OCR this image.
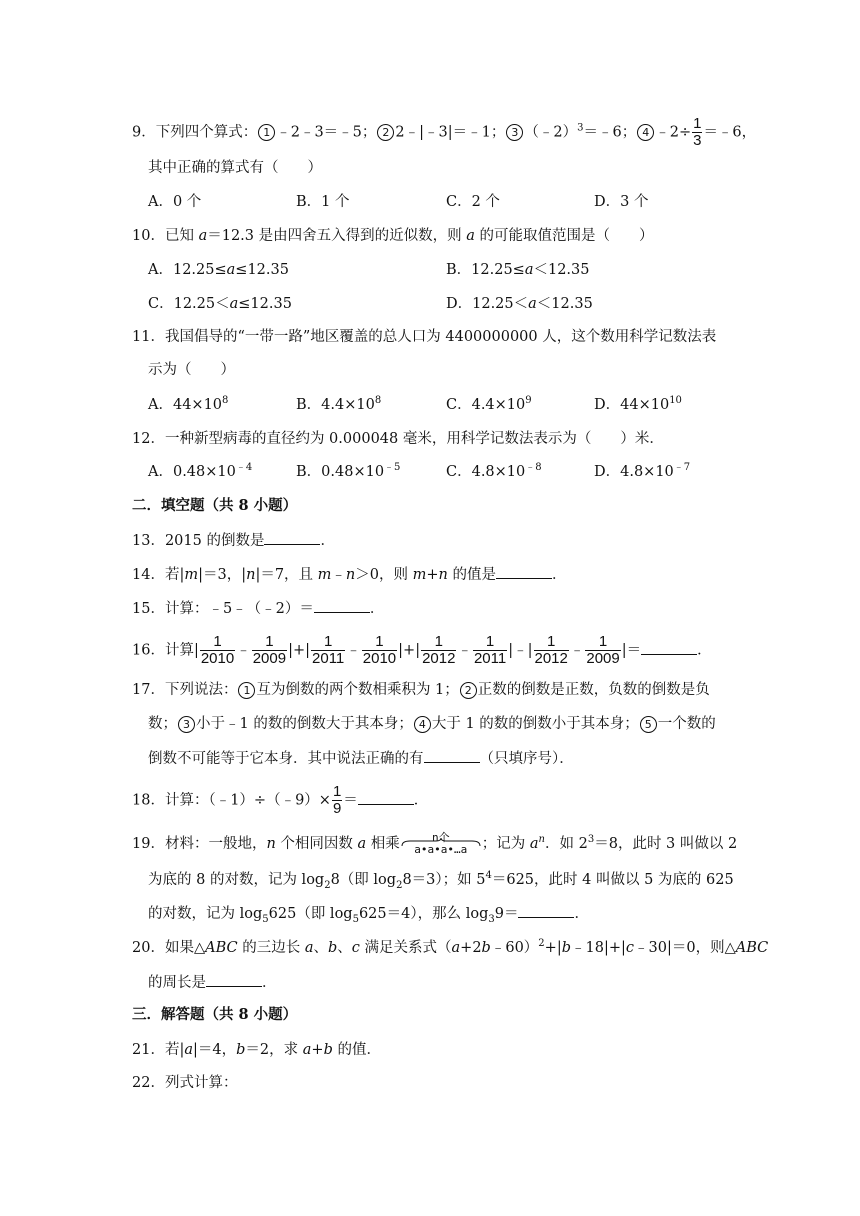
9．下列四个算式： 1 ﹣2﹣3＝﹣5； 2 2﹣|﹣3|＝﹣1； 3 （﹣2）$^3$＝﹣6； 4 ﹣2÷ $\frac{1}{3}$ ＝﹣6，
其中正确的算式有（　　）
A．0 个	B．1 个	C．2 个	D．3 个
10．已知 a＝12.3 是由四舍五入得到的近似数，则 a 的可能取值范围是（　　）
A．12.25≤a≤12.35	B．12.25≤a＜12.35
C．12.25＜a≤12.35	D．12.25＜a＜12.35
11．我国倡导的“一带一路”地区覆盖的总人口为 4400000000 人，这个数用科学记数法表
示为（　　）
A．$44\times 10^8$	B．$4.4\times 10^8$	C．$4.4\times 10^9$	D．$44\times 10^{10}$
12．一种新型病毒的直径约为 0.000048 毫米，用科学记数法表示为（　　）米．
A．$0.48\times 10^{﹣4}$	B．$0.48\times 10^{﹣5}$	C．$4.8\times 10^{﹣8}$	D．$4.8\times 10^{﹣7}$
二．填空题（共 8 小题）
13．2015 的倒数是	．
14．若|m|＝3，|n|＝7，且 m﹣n＞0，则 m+n 的值是	．
15．计算：﹣5﹣（﹣2）＝	．
16．计算| $\frac{1}{2010}$ ﹣ $\frac{1}{2009}$ |+| $\frac{1}{2011}$ ﹣ $\frac{1}{2010}$ |+| $\frac{1}{2012}$ ﹣ $\frac{1}{2011}$ |﹣| $\frac{1}{2012}$ ﹣ $\frac{1}{2009}$ |＝	．
17．下列说法： 1 互为倒数的两个数相乘积为 1； 2 正数的倒数是正数，负数的倒数是负
数； 3 小于﹣1 的数的倒数大于其本身； 4 大于 1 的数的倒数小于其本身； 5 一个数的
倒数不可能等于它本身．其中说法正确的有	（只填序号）．
18．计算：（﹣1）÷（﹣9）× $\frac{1}{9}$ ＝	．
19．材料：一般地，n 个相同因数 a 相乘	n个
a•a•a•…a	；记为 $a^n$．如 $2^3=8$，此时 3 叫做以 2
为底的 8 的对数，记为 $\log_28$（即 $\log_28=3$）；如 $5^4=625$，此时 4 叫做以 5 为底的 625
的对数，记为 $\log_5625$（即 $\log_5625=4$），那么 $\log_39=$	．
20．如果△ABC 的三边长 a、b、c 满足关系式（a+2b﹣60）$^2$+|b﹣18|+|c﹣30|＝0，则△ABC
的周长是	．
三．解答题（共 8 小题）
21．若|a|＝4，b＝2，求 a+b 的值．
22．列式计算：
